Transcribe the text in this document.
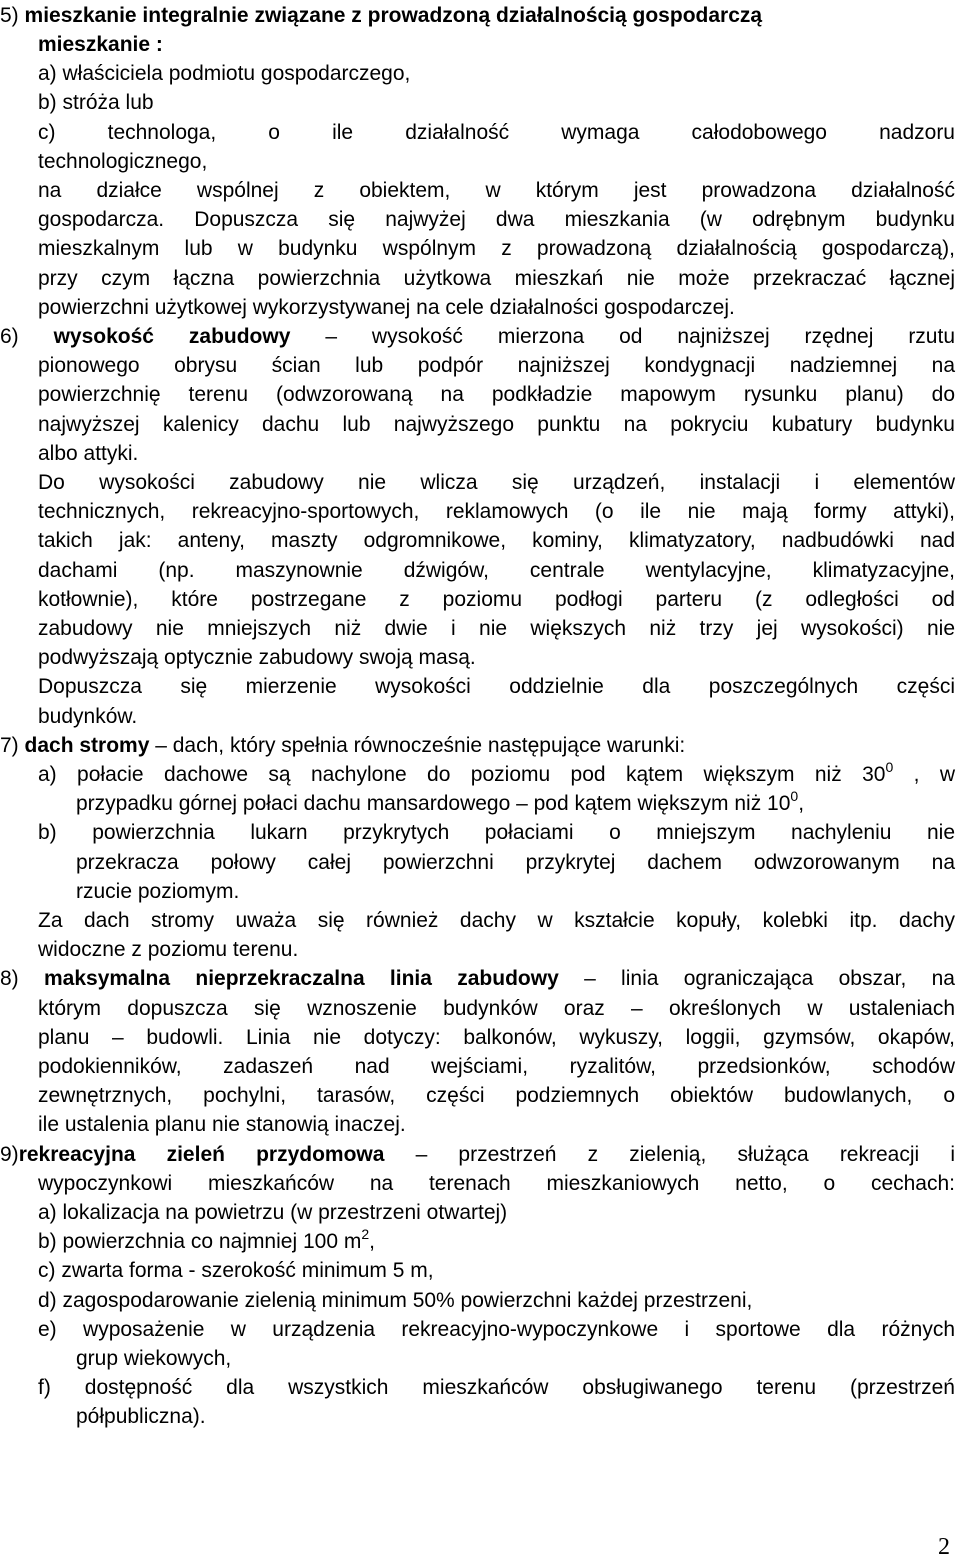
5) mieszkanie integralnie związane z prowadzoną działalnością gospodarczą
mieszkanie :
a) właściciela podmiotu gospodarczego,
b) stróża lub
c) technologa, o ile działalność wymaga całodobowego nadzoru
technologicznego,
na działce wspólnej z obiektem, w którym jest prowadzona działalność
gospodarcza. Dopuszcza się najwyżej dwa mieszkania (w odrębnym budynku
mieszkalnym lub w budynku wspólnym z prowadzoną działalnością gospodarczą),
przy czym łączna powierzchnia użytkowa mieszkań nie może przekraczać łącznej
powierzchni użytkowej wykorzystywanej na cele działalności gospodarczej.
6) wysokość zabudowy – wysokość mierzona od najniższej rzędnej rzutu
pionowego obrysu ścian lub podpór najniższej kondygnacji nadziemnej na
powierzchnię terenu (odwzorowaną na podkładzie mapowym rysunku planu) do
najwyższej kalenicy dachu lub najwyższego punktu na pokryciu kubatury budynku
albo attyki.
Do wysokości zabudowy nie wlicza się urządzeń, instalacji i elementów
technicznych, rekreacyjno-sportowych, reklamowych (o ile nie mają formy attyki),
takich jak: anteny, maszty odgromnikowe, kominy, klimatyzatory, nadbudówki nad
dachami (np. maszynownie dźwigów, centrale wentylacyjne, klimatyzacyjne,
kotłownie), które postrzegane z poziomu podłogi parteru (z odległości od
zabudowy nie mniejszych niż dwie i nie większych niż trzy jej wysokości) nie
podwyższają optycznie zabudowy swoją masą.
Dopuszcza się mierzenie wysokości oddzielnie dla poszczególnych części
budynków.
7) dach stromy – dach, który spełnia równocześnie następujące warunki:
a) połacie dachowe są nachylone do poziomu pod kątem większym niż $30^0$ , w
przypadku górnej połaci dachu mansardowego – pod kątem większym niż $10^0$,
b) powierzchnia lukarn przykrytych połaciami o mniejszym nachyleniu nie
przekracza połowy całej powierzchni przykrytej dachem odwzorowanym na
rzucie poziomym.
Za dach stromy uważa się również dachy w kształcie kopuły, kolebki itp. dachy
widoczne z poziomu terenu.
8) maksymalna nieprzekraczalna linia zabudowy – linia ograniczająca obszar, na
którym dopuszcza się wznoszenie budynków oraz – określonych w ustaleniach
planu – budowli. Linia nie dotyczy: balkonów, wykuszy, loggii, gzymsów, okapów,
podokienników, zadaszeń nad wejściami, ryzalitów, przedsionków, schodów
zewnętrznych, pochylni, tarasów, części podziemnych obiektów budowlanych, o
ile ustalenia planu nie stanowią inaczej.
9)rekreacyjna zieleń przydomowa – przestrzeń z zielenią, służąca rekreacji i
wypoczynkowi mieszkańców na terenach mieszkaniowych netto, o cechach:
a) lokalizacja na powietrzu (w przestrzeni otwartej)
b) powierzchnia co najmniej 100 $m^2$,
c) zwarta forma - szerokość minimum 5 m,
d) zagospodarowanie zielenią minimum 50% powierzchni każdej przestrzeni,
e) wyposażenie w urządzenia rekreacyjno-wypoczynkowe i sportowe dla różnych
grup wiekowych,
f) dostępność dla wszystkich mieszkańców obsługiwanego terenu (przestrzeń
półpubliczna).
2
